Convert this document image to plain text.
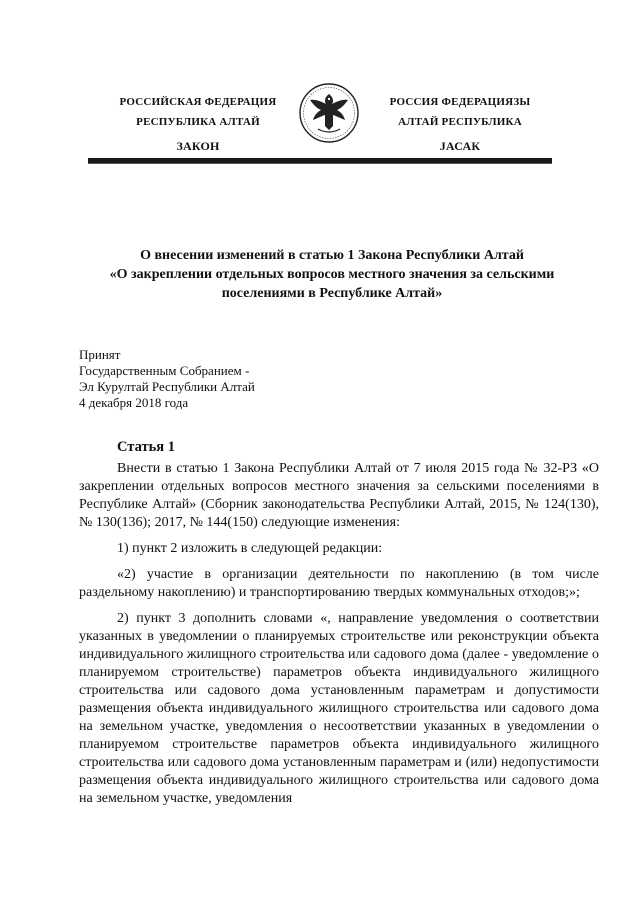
РОССИЙСКАЯ ФЕДЕРАЦИЯ
РЕСПУБЛИКА АЛТАЙ
ЗАКОН
РОССИЯ ФЕДЕРАЦИЯЗЫ
АЛТАЙ РЕСПУБЛИКА
JАСАК
О внесении изменений в статью 1 Закона Республики Алтай
«О закреплении отдельных вопросов местного значения за сельскими
поселениями в Республике Алтай»
Принят
Государственным Собранием -
Эл Курултай Республики Алтай
4 декабря 2018 года
Статья 1

Внести в статью 1 Закона Республики Алтай от 7 июля 2015 года № 32-РЗ «О закреплении отдельных вопросов местного значения за сельскими поселениями в Республике Алтай» (Сборник законодательства Республики Алтай, 2015, № 124(130), № 130(136); 2017, № 144(150) следующие изменения:

1) пункт 2 изложить в следующей редакции:

«2) участие в организации деятельности по накоплению (в том числе раздельному накоплению) и транспортированию твердых коммунальных отходов;»;

2) пункт 3 дополнить словами «, направление уведомления о соответствии указанных в уведомлении о планируемых строительстве или реконструкции объекта индивидуального жилищного строительства или садового дома (далее - уведомление о планируемом строительстве) параметров объекта индивидуального жилищного строительства или садового дома установленным параметрам и допустимости размещения объекта индивидуального жилищного строительства или садового дома на земельном участке, уведомления о несоответствии указанных в уведомлении о планируемом строительстве параметров объекта индивидуального жилищного строительства или садового дома установленным параметрам и (или) недопустимости размещения объекта индивидуального жилищного строительства или садового дома на земельном участке, уведомления
